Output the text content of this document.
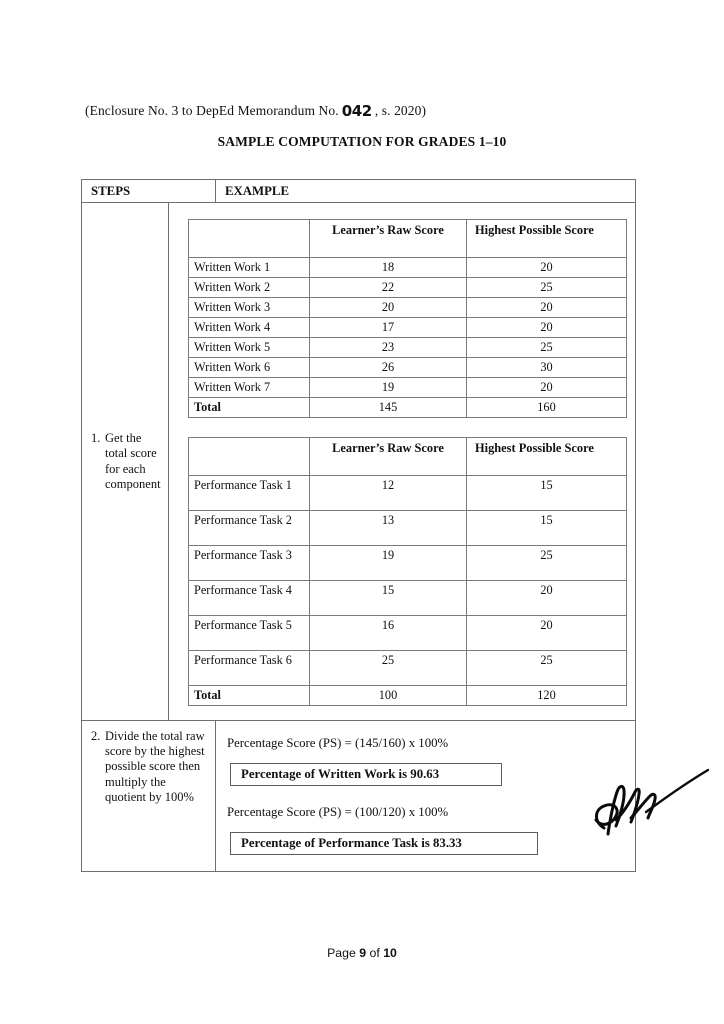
(Enclosure No. 3 to DepEd Memorandum No. 042 , s. 2020)
SAMPLE COMPUTATION FOR GRADES 1–10
STEPS	EXAMPLE
1. Get the total score for each component
	Learner’s Raw Score	Highest Possible Score
Written Work 1	18	20
Written Work 2	22	25
Written Work 3	20	20
Written Work 4	17	20
Written Work 5	23	25
Written Work 6	26	30
Written Work 7	19	20
Total	145	160
	Learner’s Raw Score	Highest Possible Score
Performance Task 1	12	15
Performance Task 2	13	15
Performance Task 3	19	25
Performance Task 4	15	20
Performance Task 5	16	20
Performance Task 6	25	25
Total	100	120
2. Divide the total raw score by the highest possible score then multiply the quotient by 100%
Percentage Score (PS) = (145/160) x 100%
Percentage of Written Work is 90.63
Percentage Score (PS) = (100/120) x 100%
Percentage of Performance Task is 83.33
Page 9 of 10
